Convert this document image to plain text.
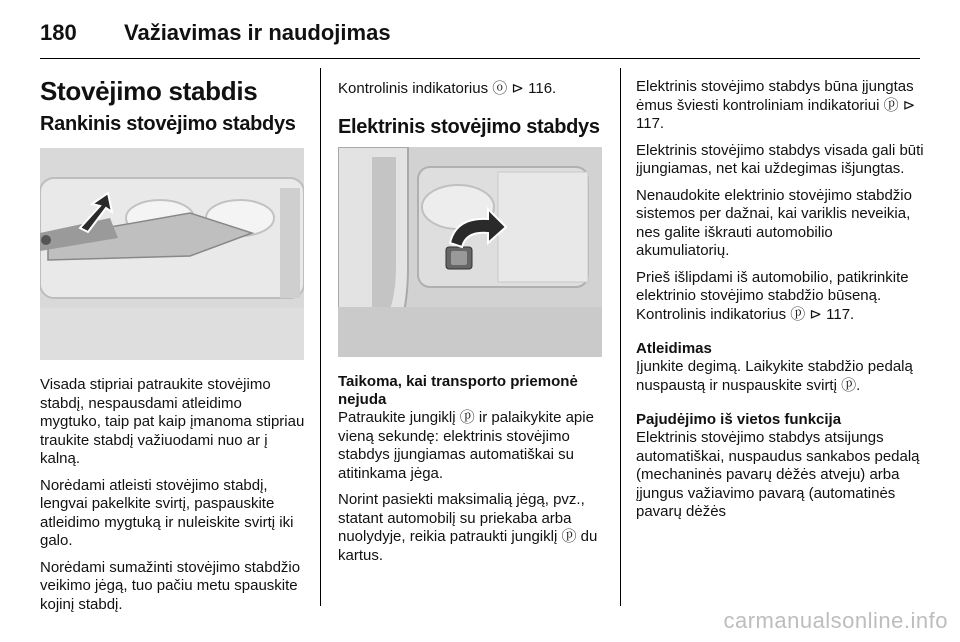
180 Važiavimas ir naudojimas
Stovėjimo stabdis
Rankinis stovėjimo stabdys

Visada stipriai patraukite stovėjimo stabdį, nespausdami atleidimo mygtuko, taip pat kaip įmanoma stipriau traukite stabdį važiuodami nuo ar į kalną.

Norėdami atleisti stovėjimo stabdį, lengvai pakelkite svirtį, paspauskite atleidimo mygtuką ir nuleiskite svirtį iki galo.

Norėdami sumažinti stovėjimo stabdžio veikimo jėgą, tuo pačiu metu spauskite kojinį stabdį.

Kontrolinis indikatorius ⓞ ⊳ 116.

Elektrinis stovėjimo stabdys
Taikoma, kai transporto priemonė nejuda

Patraukite jungiklį ⓟ ir palaikykite apie vieną sekundę: elektrinis stovėjimo stabdys įjungiamas automatiškai su atitinkama jėga.

Norint pasiekti maksimalią jėgą, pvz., statant automobilį su priekaba arba nuolydyje, reikia patraukti jungiklį ⓟ du kartus.

Elektrinis stovėjimo stabdys būna įjungtas ėmus šviesti kontroliniam indikatoriui ⓟ ⊳ 117.

Elektrinis stovėjimo stabdys visada gali būti įjungiamas, net kai uždegimas išjungtas.

Nenaudokite elektrinio stovėjimo stabdžio sistemos per dažnai, kai variklis neveikia, nes galite iškrauti automobilio akumuliatorių.

Prieš išlipdami iš automobilio, patikrinkite elektrinio stovėjimo stabdžio būseną. Kontrolinis indikatorius ⓟ ⊳ 117.

Atleidimas

Įjunkite degimą. Laikykite stabdžio pedalą nuspaustą ir nuspauskite svirtį ⓟ.

Pajudėjimo iš vietos funkcija

Elektrinis stovėjimo stabdys atsijungs automatiškai, nuspaudus sankabos pedalą (mechaninės pavarų dėžės atveju) arba įjungus važiavimo pavarą (automatinės pavarų dėžės

carmanualsonline.info
